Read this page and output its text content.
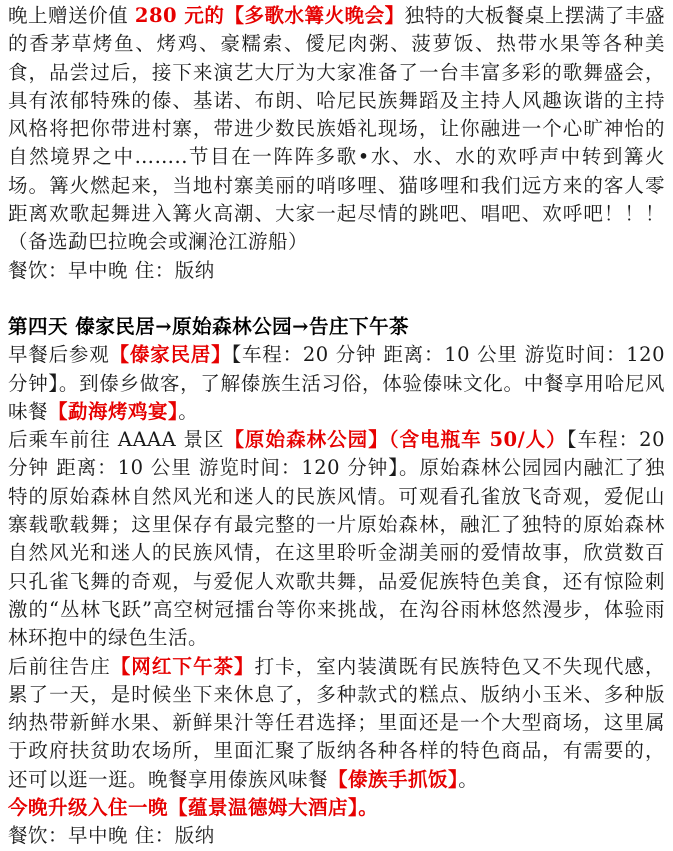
晚上赠送价值 280 元的【多歌水篝火晚会】独特的大板餐桌上摆满了丰盛的香茅草烤鱼、烤鸡、豪糯索、僾尼肉粥、菠萝饭、热带水果等各种美食，品尝过后，接下来演艺大厅为大家准备了一台丰富多彩的歌舞盛会，具有浓郁特殊的傣、基诺、布朗、哈尼民族舞蹈及主持人风趣诙谐的主持风格将把你带进村寨，带进少数民族婚礼现场，让你融进一个心旷神怡的自然境界之中……..节目在一阵阵多歌•水、水、水的欢呼声中转到篝火场。篝火燃起来，当地村寨美丽的哨哆哩、猫哆哩和我们远方来的客人零距离欢歌起舞进入篝火高潮、大家一起尽情的跳吧、唱吧、欢呼吧！！！（备选勐巴拉晚会或澜沧江游船）

餐饮：早中晚 住：版纳

第四天 傣家民居→原始森林公园→告庄下午茶

早餐后参观【傣家民居】【车程：20 分钟 距离：10 公里 游览时间：120 分钟】。到傣乡做客，了解傣族生活习俗，体验傣味文化。中餐享用哈尼风味餐【勐海烤鸡宴】。

后乘车前往 AAAA 景区【原始森林公园】（含电瓶车 50/人）【车程：20 分钟 距离：10 公里 游览时间：120 分钟】。原始森林公园园内融汇了独特的原始森林自然风光和迷人的民族风情。可观看孔雀放飞奇观，爱伲山寨载歌载舞；这里保存有最完整的一片原始森林，融汇了独特的原始森林自然风光和迷人的民族风情，在这里聆听金湖美丽的爱情故事，欣赏数百只孔雀飞舞的奇观，与爱伲人欢歌共舞，品爱伲族特色美食，还有惊险刺激的“丛林飞跃”高空树冠擂台等你来挑战，在沟谷雨林悠然漫步，体验雨林环抱中的绿色生活。

后前往告庄【网红下午茶】打卡，室内装潢既有民族特色又不失现代感，累了一天，是时候坐下来休息了，多种款式的糕点、版纳小玉米、多种版纳热带新鲜水果、新鲜果汁等任君选择；里面还是一个大型商场，这里属于政府扶贫助农场所，里面汇聚了版纳各种各样的特色商品，有需要的，还可以逛一逛。晚餐享用傣族风味餐【傣族手抓饭】。

今晚升级入住一晚【蕴景温德姆大酒店】。

餐饮：早中晚 住：版纳
